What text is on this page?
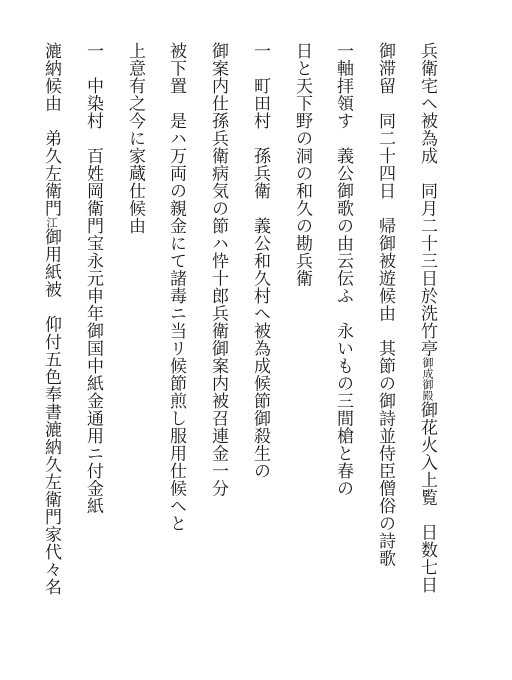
兵衛宅へ被為成　同月二十三日於洗竹亭御成御殿御花火入上覧　日数七日
御滞留　同二十四日　帰御被遊候由　其節の御詩並侍臣僧俗の詩歌
一軸拝領す　義公御歌の由云伝ふ　永いもの三間槍と春の
日と天下野の洞の和久の勘兵衛
一　町田村　孫兵衛　義公和久村へ被為成候節御殺生の
御案内仕孫兵衛病気の節ハ忰十郎兵衛御案内被召連金一分
被下置　是ハ万両の親金にて諸毒ニ当リ候節煎し服用仕候へと
上意有之今に家蔵仕候由
一　中染村　百姓岡衛門宝永元申年御国中紙金通用ニ付金紙
漉納候由　弟久左衛門江御用紙被　仰付五色奉書漉納久左衛門家代々名
